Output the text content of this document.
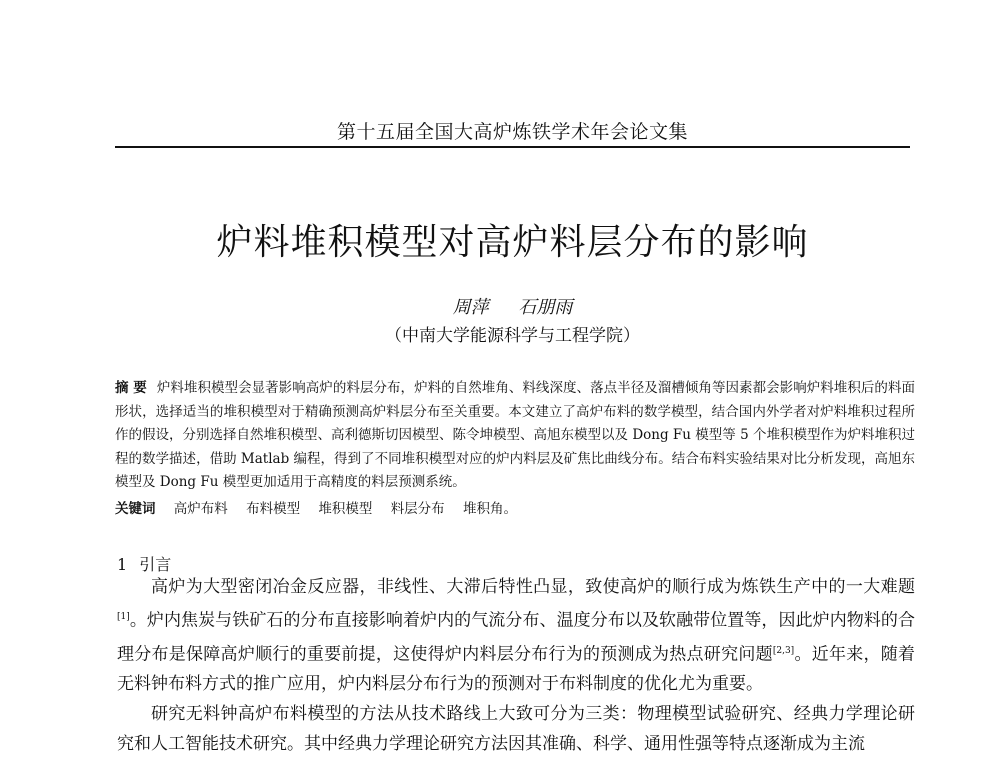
第十五届全国大高炉炼铁学术年会论文集
炉料堆积模型对高炉料层分布的影响
周萍 石朋雨
（中南大学能源科学与工程学院）
摘 要 炉料堆积模型会显著影响高炉的料层分布，炉料的自然堆角、料线深度、落点半径及溜槽倾角等因素都会影响炉料堆积后的料面形状，选择适当的堆积模型对于精确预测高炉料层分布至关重要。本文建立了高炉布料的数学模型，结合国内外学者对炉料堆积过程所作的假设，分别选择自然堆积模型、高利德斯切因模型、陈令坤模型、高旭东模型以及 Dong Fu 模型等 5 个堆积模型作为炉料堆积过程的数学描述，借助 Matlab 编程，得到了不同堆积模型对应的炉内料层及矿焦比曲线分布。结合布料实验结果对比分析发现，高旭东模型及 Dong Fu 模型更加适用于高精度的料层预测系统。
关键词 高炉布料 布料模型 堆积模型 料层分布 堆积角。
1 引言

高炉为大型密闭冶金反应器，非线性、大滞后特性凸显，致使高炉的顺行成为炼铁生产中的一大难题[1]。炉内焦炭与铁矿石的分布直接影响着炉内的气流分布、温度分布以及软融带位置等，因此炉内物料的合理分布是保障高炉顺行的重要前提，这使得炉内料层分布行为的预测成为热点研究问题[2,3]。近年来，随着无料钟布料方式的推广应用，炉内料层分布行为的预测对于布料制度的优化尤为重要。

研究无料钟高炉布料模型的方法从技术路线上大致可分为三类：物理模型试验研究、经典力学理论研究和人工智能技术研究。其中经典力学理论研究方法因其准确、科学、通用性强等特点逐渐成为主流
